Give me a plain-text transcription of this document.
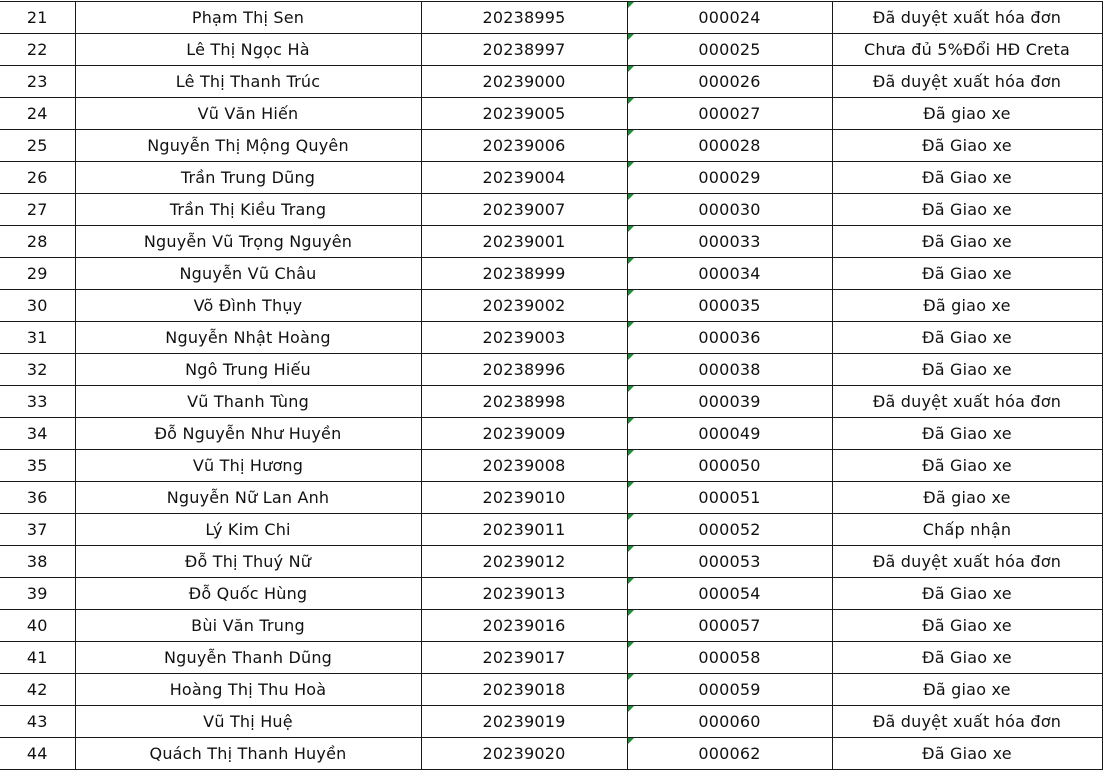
21	Phạm Thị Sen	20238995	000024	Đã duyệt xuất hóa đơn
22	Lê Thị Ngọc Hà	20238997	000025	Chưa đủ 5%Đổi HĐ Creta
23	Lê Thị Thanh Trúc	20239000	000026	Đã duyệt xuất hóa đơn
24	Vũ Văn Hiến	20239005	000027	Đã giao xe
25	Nguyễn Thị Mộng Quyên	20239006	000028	Đã Giao xe
26	Trần Trung Dũng	20239004	000029	Đã Giao xe
27	Trần Thị Kiều Trang	20239007	000030	Đã Giao xe
28	Nguyễn Vũ Trọng Nguyên	20239001	000033	Đã Giao xe
29	Nguyễn Vũ Châu	20238999	000034	Đã Giao xe
30	Võ Đình Thụy	20239002	000035	Đã giao xe
31	Nguyễn Nhật Hoàng	20239003	000036	Đã Giao xe
32	Ngô Trung Hiếu	20238996	000038	Đã Giao xe
33	Vũ Thanh Tùng	20238998	000039	Đã duyệt xuất hóa đơn
34	Đỗ Nguyễn Như Huyền	20239009	000049	Đã Giao xe
35	Vũ Thị Hương	20239008	000050	Đã Giao xe
36	Nguyễn Nữ Lan Anh	20239010	000051	Đã giao xe
37	Lý Kim Chi	20239011	000052	Chấp nhận
38	Đỗ Thị Thuý Nữ	20239012	000053	Đã duyệt xuất hóa đơn
39	Đỗ Quốc Hùng	20239013	000054	Đã Giao xe
40	Bùi Văn Trung	20239016	000057	Đã Giao xe
41	Nguyễn Thanh Dũng	20239017	000058	Đã Giao xe
42	Hoàng Thị Thu Hoà	20239018	000059	Đã giao xe
43	Vũ Thị Huệ	20239019	000060	Đã duyệt xuất hóa đơn
44	Quách Thị Thanh Huyền	20239020	000062	Đã Giao xe
